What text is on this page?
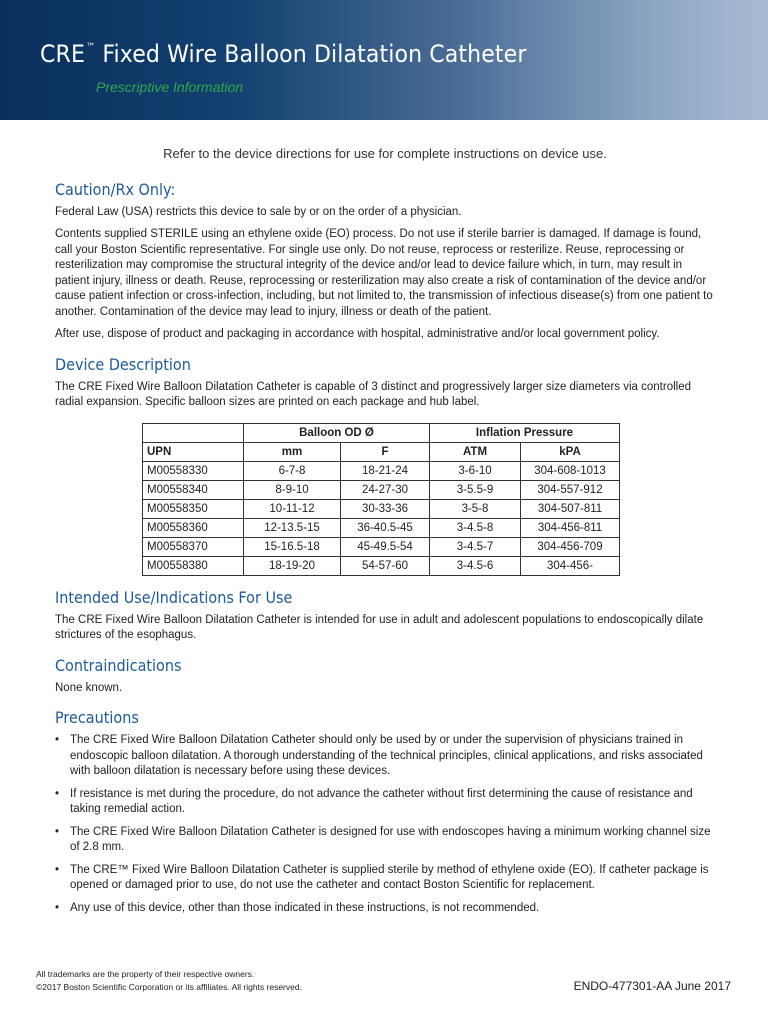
CRE™ Fixed Wire Balloon Dilatation Catheter
Prescriptive Information

Refer to the device directions for use for complete instructions on device use.

Caution/Rx Only:

Federal Law (USA) restricts this device to sale by or on the order of a physician.

Contents supplied STERILE using an ethylene oxide (EO) process. Do not use if sterile barrier is damaged. If damage is found, call your Boston Scientific representative. For single use only. Do not reuse, reprocess or resterilize. Reuse, reprocessing or resterilization may compromise the structural integrity of the device and/or lead to device failure which, in turn, may result in patient injury, illness or death. Reuse, reprocessing or resterilization may also create a risk of contamination of the device and/or cause patient infection or cross-infection, including, but not limited to, the transmission of infectious disease(s) from one patient to another. Contamination of the device may lead to injury, illness or death of the patient.

After use, dispose of product and packaging in accordance with hospital, administrative and/or local government policy.

Device Description

The CRE Fixed Wire Balloon Dilatation Catheter is capable of 3 distinct and progressively larger size diameters via controlled radial expansion. Specific balloon sizes are printed on each package and hub label.

	Balloon OD Ø		Inflation Pressure	
UPN	mm	F	ATM	kPA
M00558330	6-7-8	18-21-24	3-6-10	304-608-1013
M00558340	8-9-10	24-27-30	3-5.5-9	304-557-912
M00558350	10-11-12	30-33-36	3-5-8	304-507-811
M00558360	12-13.5-15	36-40.5-45	3-4.5-8	304-456-811
M00558370	15-16.5-18	45-49.5-54	3-4.5-7	304-456-709
M00558380	18-19-20	54-57-60	3-4.5-6	304-456-
Intended Use/Indications For Use

The CRE Fixed Wire Balloon Dilatation Catheter is intended for use in adult and adolescent populations to endoscopically dilate strictures of the esophagus.

Contraindications

None known.

Precautions
• The CRE Fixed Wire Balloon Dilatation Catheter should only be used by or under the supervision of physicians trained in endoscopic balloon dilatation. A thorough understanding of the technical principles, clinical applications, and risks associated with balloon dilatation is necessary before using these devices.
• If resistance is met during the procedure, do not advance the catheter without first determining the cause of resistance and taking remedial action.
• The CRE Fixed Wire Balloon Dilatation Catheter is designed for use with endoscopes having a minimum working channel size of 2.8 mm.
• The CRE™ Fixed Wire Balloon Dilatation Catheter is supplied sterile by method of ethylene oxide (EO). If catheter package is opened or damaged prior to use, do not use the catheter and contact Boston Scientific for replacement.
• Any use of this device, other than those indicated in these instructions, is not recommended.
All trademarks are the property of their respective owners.
©2017 Boston Scientific Corporation or its affiliates. All rights reserved.	ENDO-477301-AA June 2017
